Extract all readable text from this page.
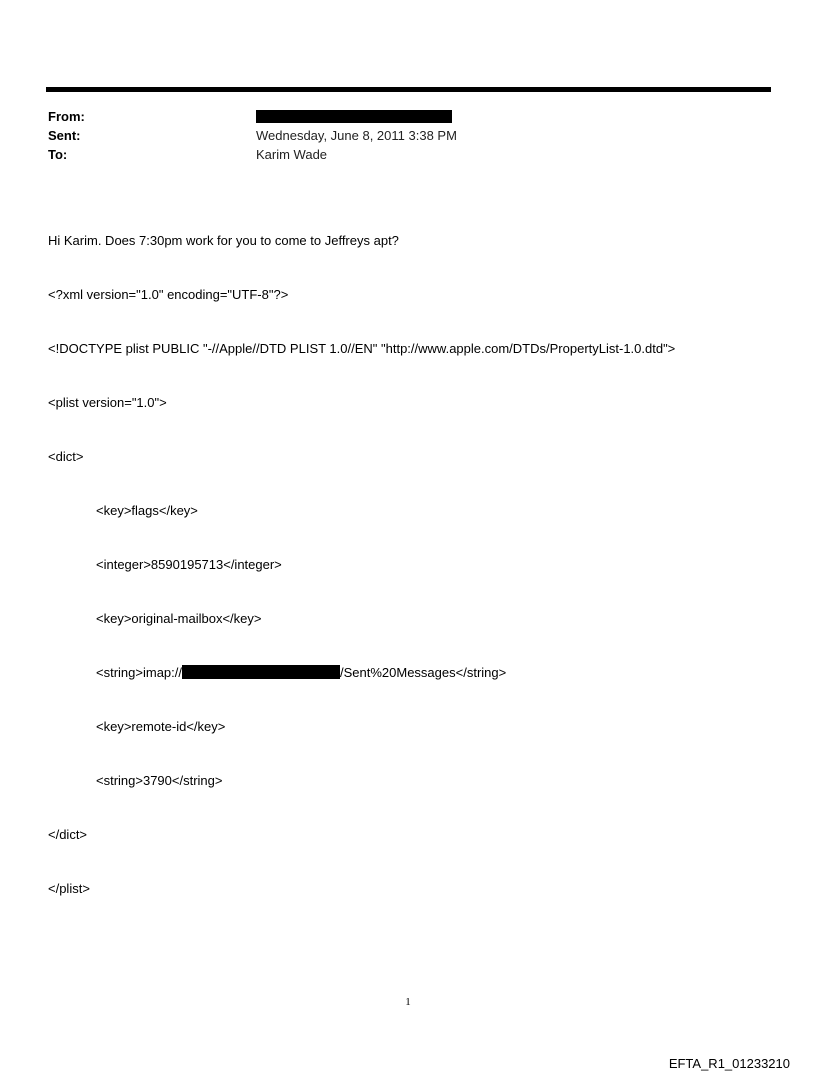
From:
Sent:	Wednesday, June 8, 2011 3:38 PM
To:	Karim Wade

Hi Karim. Does 7:30pm work for you to come to Jeffreys apt?

<?xml version="1.0" encoding="UTF-8"?>

<!DOCTYPE plist PUBLIC "-//Apple//DTD PLIST 1.0//EN" "http://www.apple.com/DTDs/PropertyList-1.0.dtd">

<plist version="1.0">

<dict>

<key>flags</key>

<integer>8590195713</integer>

<key>original-mailbox</key>

<string>imap://	/Sent%20Messages</string>

<key>remote-id</key>

<string>3790</string>

</dict>

</plist>

1
EFTA_R1_01233210
